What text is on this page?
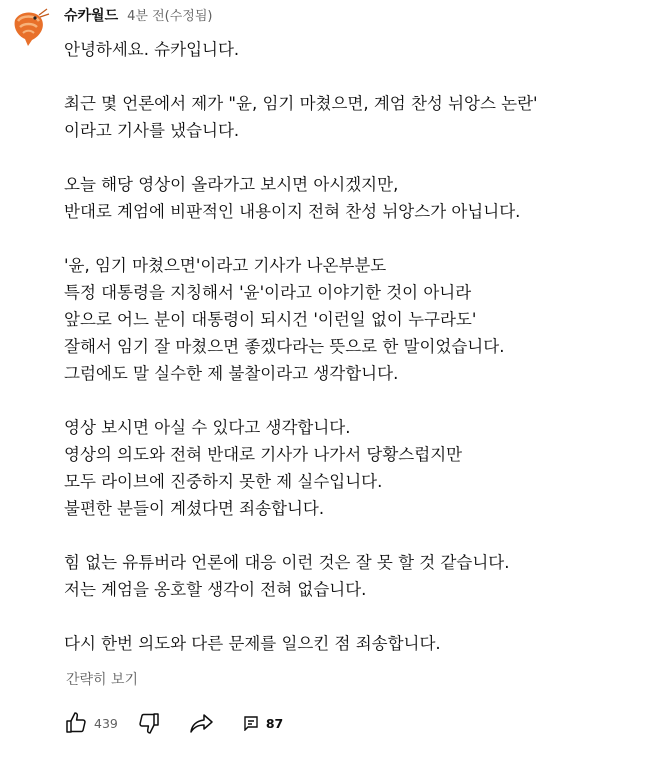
슈카월드 4분 전(수정됨)
안녕하세요. 슈카입니다.
최근 몇 언론에서 제가 "윤, 임기 마쳤으면, 계엄 찬성 뉘앙스 논란'
이라고 기사를 냈습니다.
오늘 해당 영상이 올라가고 보시면 아시겠지만,
반대로 계엄에 비판적인 내용이지 전혀 찬성 뉘앙스가 아닙니다.
'윤, 임기 마쳤으면'이라고 기사가 나온부분도
특정 대통령을 지칭해서 '윤'이라고 이야기한 것이 아니라
앞으로 어느 분이 대통령이 되시건 '이런일 없이 누구라도'
잘해서 임기 잘 마쳤으면 좋겠다라는 뜻으로 한 말이었습니다.
그럼에도 말 실수한 제 불찰이라고 생각합니다.
영상 보시면 아실 수 있다고 생각합니다.
영상의 의도와 전혀 반대로 기사가 나가서 당황스럽지만
모두 라이브에 진중하지 못한 제 실수입니다.
불편한 분들이 계셨다면 죄송합니다.
힘 없는 유튜버라 언론에 대응 이런 것은 잘 못 할 것 같습니다.
저는 계엄을 옹호할 생각이 전혀 없습니다.
다시 한번 의도와 다른 문제를 일으킨 점 죄송합니다.
간략히 보기
439	87
